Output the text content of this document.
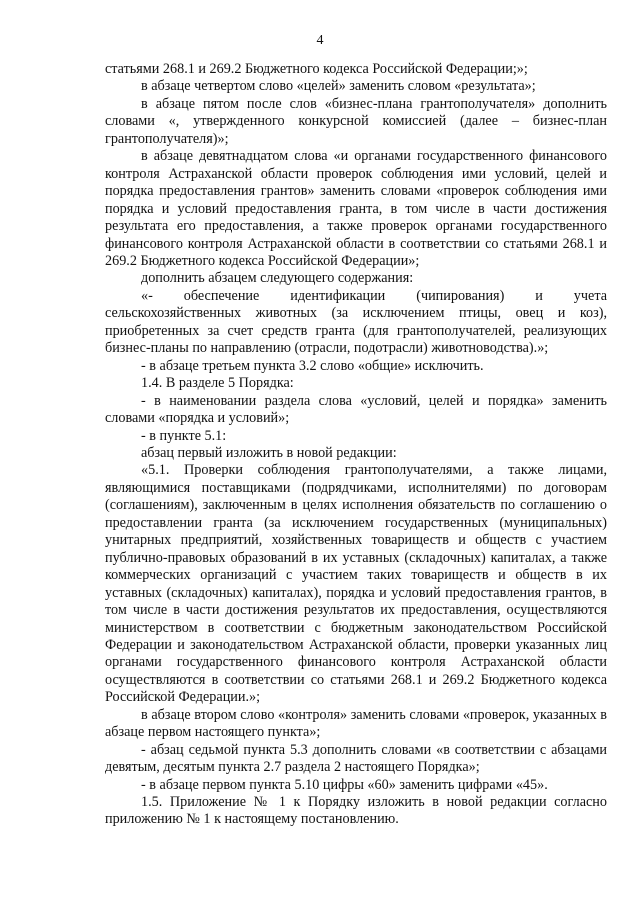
4

статьями 268.1 и 269.2 Бюджетного кодекса Российской Федерации;»;

в абзаце четвертом слово «целей» заменить словом «результата»;

в абзаце пятом после слов «бизнес-плана грантополучателя» дополнить словами «, утвержденного конкурсной комиссией (далее – бизнес-план грантополучателя)»;

в абзаце девятнадцатом слова «и органами государственного финансового контроля Астраханской области проверок соблюдения ими условий, целей и порядка предоставления грантов» заменить словами «проверок соблюдения ими порядка и условий предоставления гранта, в том числе в части достижения результата его предоставления, а также проверок органами государственного финансового контроля Астраханской области в соответствии со статьями 268.1 и 269.2 Бюджетного кодекса Российской Федерации»;

дополнить абзацем следующего содержания:

«- обеспечение идентификации (чипирования) и учета сельскохозяйственных животных (за исключением птицы, овец и коз), приобретенных за счет средств гранта (для грантополучателей, реализующих бизнес-планы по направлению (отрасли, подотрасли) животноводства).»;

- в абзаце третьем пункта 3.2 слово «общие» исключить.

1.4. В разделе 5 Порядка:

- в наименовании раздела слова «условий, целей и порядка» заменить словами «порядка и условий»;

- в пункте 5.1:

абзац первый изложить в новой редакции:

«5.1. Проверки соблюдения грантополучателями, а также лицами, являющимися поставщиками (подрядчиками, исполнителями) по договорам (соглашениям), заключенным в целях исполнения обязательств по соглашению о предоставлении гранта (за исключением государственных (муниципальных) унитарных предприятий, хозяйственных товариществ и обществ с участием публично-правовых образований в их уставных (складочных) капиталах, а также коммерческих организаций с участием таких товариществ и обществ в их уставных (складочных) капиталах), порядка и условий предоставления грантов, в том числе в части достижения результатов их предоставления, осуществляются министерством в соответствии с бюджетным законодательством Российской Федерации и законодательством Астраханской области, проверки указанных лиц органами государственного финансового контроля Астраханской области осуществляются в соответствии со статьями 268.1 и 269.2 Бюджетного кодекса Российской Федерации.»;

в абзаце втором слово «контроля» заменить словами «проверок, указанных в абзаце первом настоящего пункта»;

- абзац седьмой пункта 5.3 дополнить словами «в соответствии с абзацами девятым, десятым пункта 2.7 раздела 2 настоящего Порядка»;

- в абзаце первом пункта 5.10 цифры «60» заменить цифрами «45».

1.5. Приложение № 1 к Порядку изложить в новой редакции согласно приложению № 1 к настоящему постановлению.
